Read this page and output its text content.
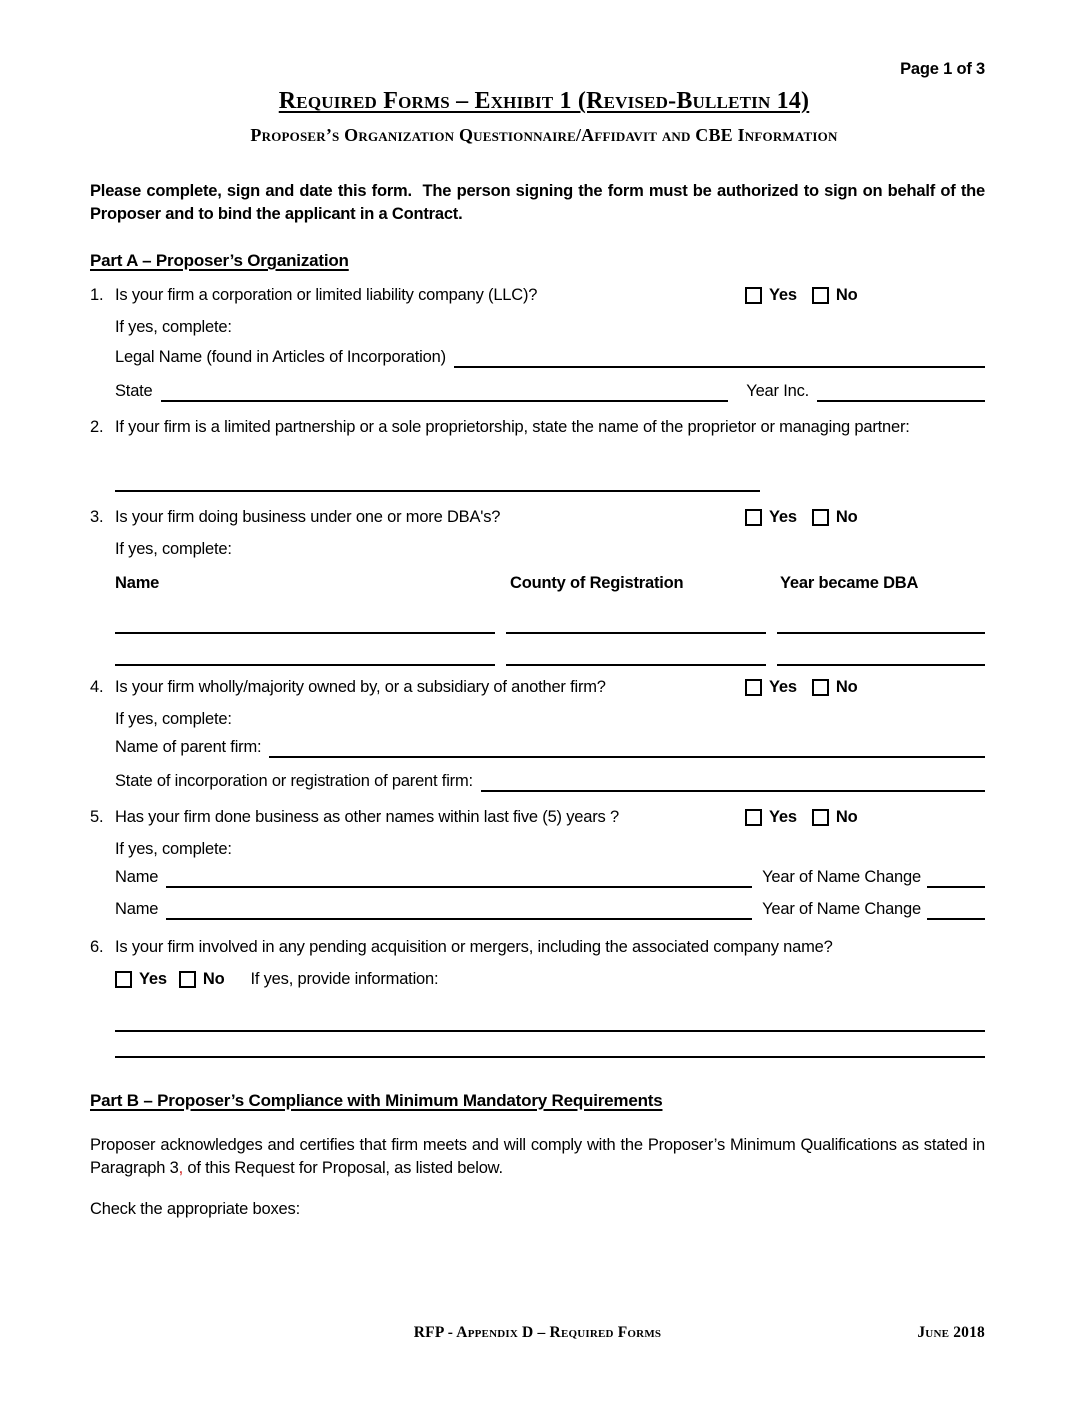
Page 1 of 3
Required Forms – Exhibit 1 (Revised-Bulletin 14)
Proposer’s Organization Questionnaire/Affidavit and CBE Information

Please complete, sign and date this form.  The person signing the form must be authorized to sign on behalf of the Proposer and to bind the applicant in a Contract.

Part A – Proposer’s Organization
1. Is your firm a corporation or limited liability company (LLC)?	Yes No
If yes, complete:
Legal Name (found in Articles of Incorporation)
State	Year Inc.
2. If your firm is a limited partnership or a sole proprietorship, state the name of the proprietor or managing partner:
3. Is your firm doing business under one or more DBA's?	Yes No
If yes, complete:
Name	County of Registration	Year became DBA
4. Is your firm wholly/majority owned by, or a subsidiary of another firm?	Yes No
If yes, complete:
Name of parent firm:
State of incorporation or registration of parent firm:
5. Has your firm done business as other names within last five (5) years ?	Yes No
If yes, complete:
Name	Year of Name Change
Name	Year of Name Change
6. Is your firm involved in any pending acquisition or mergers, including the associated company name?
Yes No If yes, provide information:
Part B – Proposer’s Compliance with Minimum Mandatory Requirements

Proposer acknowledges and certifies that firm meets and will comply with the Proposer’s Minimum Qualifications as stated in Paragraph 3, of this Request for Proposal, as listed below.

Check the appropriate boxes:
RFP - Appendix D – Required Forms	June 2018
